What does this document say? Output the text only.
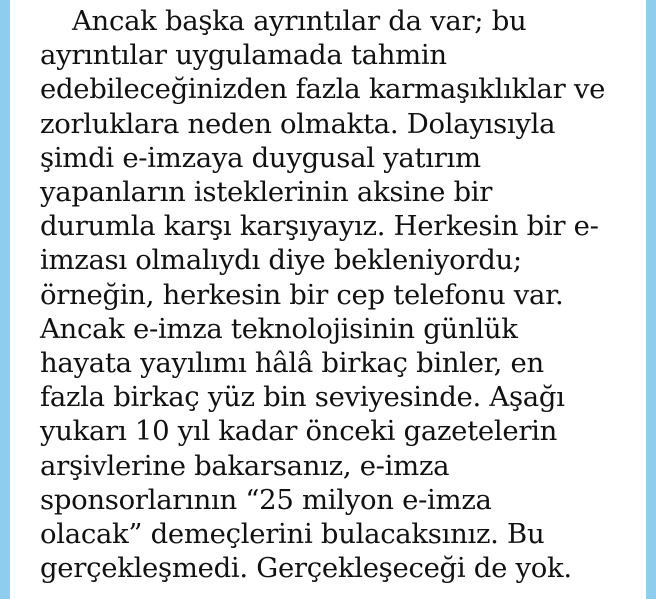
Ancak başka ayrıntılar da var; bu
ayrıntılar uygulamada tahmin
edebileceğinizden fazla karmaşıklıklar ve
zorluklara neden olmakta. Dolayısıyla
şimdi e-imzaya duygusal yatırım
yapanların isteklerinin aksine bir
durumla karşı karşıyayız. Herkesin bir e-
imzası olmalıydı diye bekleniyordu;
örneğin, herkesin bir cep telefonu var.
Ancak e-imza teknolojisinin günlük
hayata yayılımı hâlâ birkaç binler, en
fazla birkaç yüz bin seviyesinde. Aşağı
yukarı 10 yıl kadar önceki gazetelerin
arşivlerine bakarsanız, e-imza
sponsorlarının “25 milyon e-imza
olacak” demeçlerini bulacaksınız. Bu
gerçekleşmedi. Gerçekleşeceği de yok.
